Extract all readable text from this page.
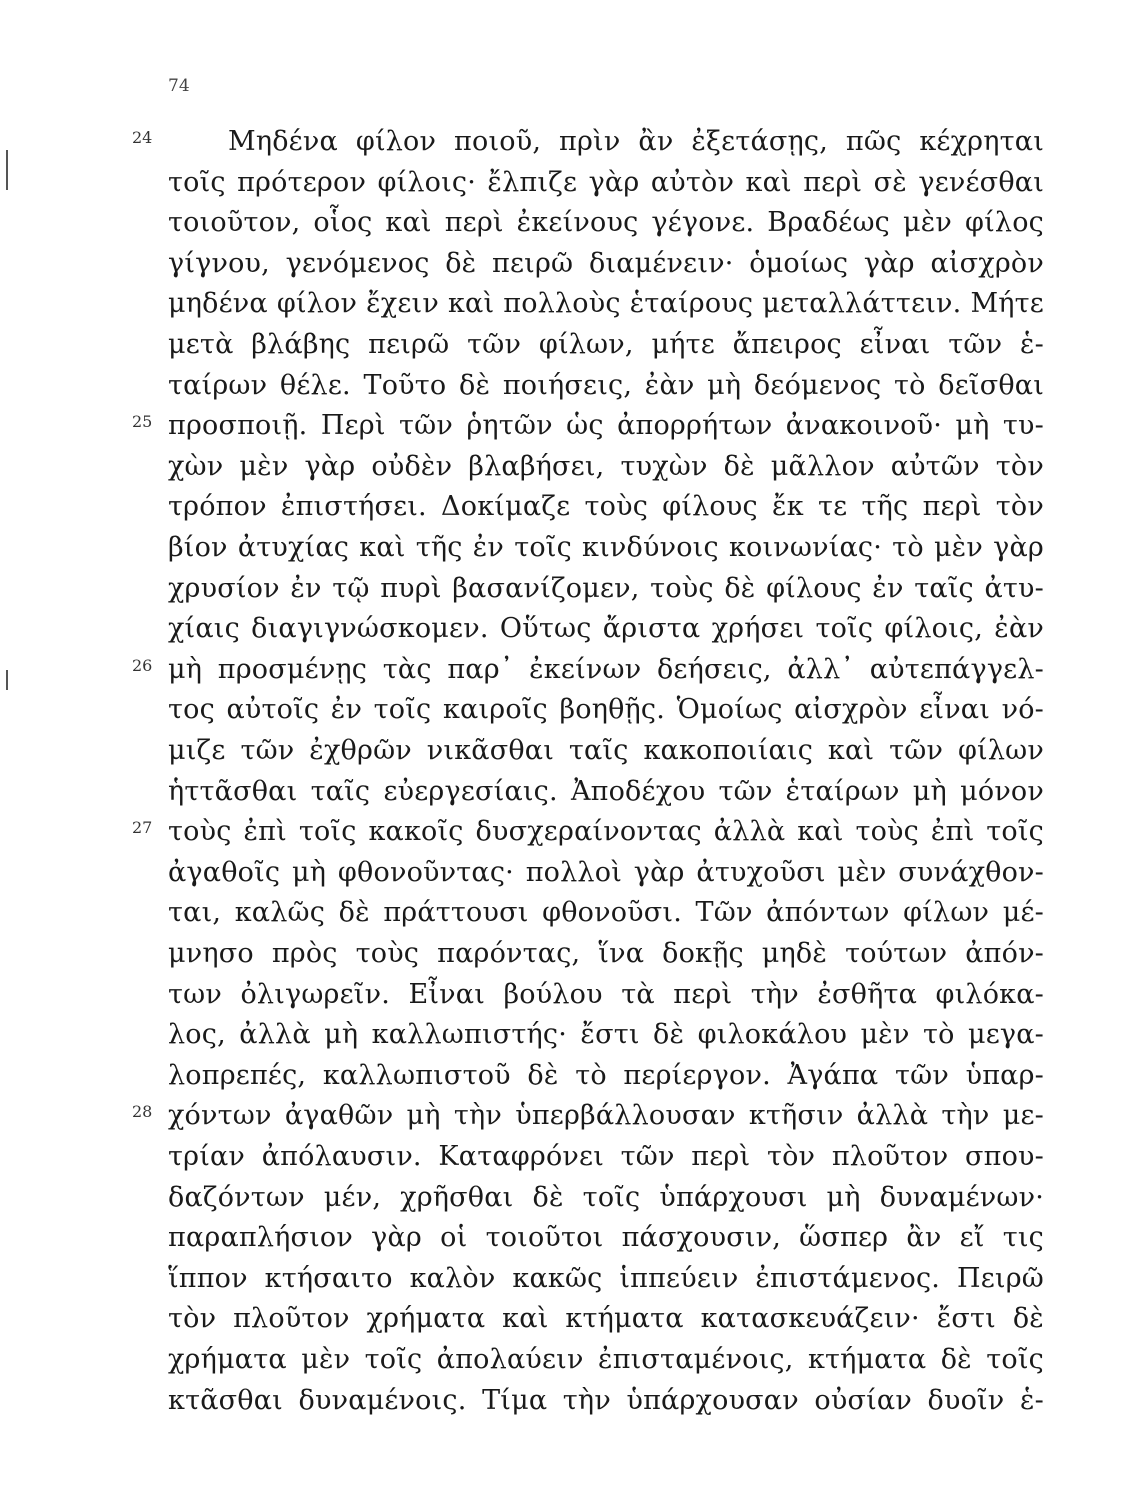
74
Μηδένα φίλον ποιοῦ, πρὶν ἂν ἐξετάσῃς, πῶς κέχρηται
τοῖς πρότερον φίλοις· ἔλπιζε γὰρ αὐτὸν καὶ περὶ σὲ γενέσθαι
τοιοῦτον, οἷος καὶ περὶ ἐκείνους γέγονε. Βραδέως μὲν φίλος
γίγνου, γενόμενος δὲ πειρῶ διαμένειν· ὁμοίως γὰρ αἰσχρὸν
μηδένα φίλον ἔχειν καὶ πολλοὺς ἑταίρους μεταλλάττειν. Μήτε
μετὰ βλάβης πειρῶ τῶν φίλων, μήτε ἄπειρος εἶναι τῶν ἑ-
ταίρων θέλε. Τοῦτο δὲ ποιήσεις, ἐὰν μὴ δεόμενος τὸ δεῖσθαι
προσποιῇ. Περὶ τῶν ῥητῶν ὡς ἀπορρήτων ἀνακοινοῦ· μὴ τυ-
χὼν μὲν γὰρ οὐδὲν βλαβήσει, τυχὼν δὲ μᾶλλον αὐτῶν τὸν
τρόπον ἐπιστήσει. Δοκίμαζε τοὺς φίλους ἔκ τε τῆς περὶ τὸν
βίον ἀτυχίας καὶ τῆς ἐν τοῖς κινδύνοις κοινωνίας· τὸ μὲν γὰρ
χρυσίον ἐν τῷ πυρὶ βασανίζομεν, τοὺς δὲ φίλους ἐν ταῖς ἀτυ-
χίαις διαγιγνώσκομεν. Οὕτως ἄριστα χρήσει τοῖς φίλοις, ἐὰν
μὴ προσμένῃς τὰς παρ᾽ ἐκείνων δεήσεις, ἀλλ᾽ αὐτεπάγγελ-
τος αὐτοῖς ἐν τοῖς καιροῖς βοηθῇς. Ὁμοίως αἰσχρὸν εἶναι νό-
μιζε τῶν ἐχθρῶν νικᾶσθαι ταῖς κακοποιίαις καὶ τῶν φίλων
ἡττᾶσθαι ταῖς εὐεργεσίαις. Ἀποδέχου τῶν ἑταίρων μὴ μόνον
τοὺς ἐπὶ τοῖς κακοῖς δυσχεραίνοντας ἀλλὰ καὶ τοὺς ἐπὶ τοῖς
ἀγαθοῖς μὴ φθονοῦντας· πολλοὶ γὰρ ἀτυχοῦσι μὲν συνάχθον-
ται, καλῶς δὲ πράττουσι φθονοῦσι. Τῶν ἀπόντων φίλων μέ-
μνησο πρὸς τοὺς παρόντας, ἵνα δοκῇς μηδὲ τούτων ἀπόν-
των ὀλιγωρεῖν. Εἶναι βούλου τὰ περὶ τὴν ἐσθῆτα φιλόκα-
λος, ἀλλὰ μὴ καλλωπιστής· ἔστι δὲ φιλοκάλου μὲν τὸ μεγα-
λοπρεπές, καλλωπιστοῦ δὲ τὸ περίεργον. Ἀγάπα τῶν ὑπαρ-
χόντων ἀγαθῶν μὴ τὴν ὑπερβάλλουσαν κτῆσιν ἀλλὰ τὴν με-
τρίαν ἀπόλαυσιν. Καταφρόνει τῶν περὶ τὸν πλοῦτον σπου-
δαζόντων μέν, χρῆσθαι δὲ τοῖς ὑπάρχουσι μὴ δυναμένων·
παραπλήσιον γὰρ οἱ τοιοῦτοι πάσχουσιν, ὥσπερ ἂν εἴ τις
ἵππον κτήσαιτο καλὸν κακῶς ἱππεύειν ἐπιστάμενος. Πειρῶ
τὸν πλοῦτον χρήματα καὶ κτήματα κατασκευάζειν· ἔστι δὲ
χρήματα μὲν τοῖς ἀπολαύειν ἐπισταμένοις, κτήματα δὲ τοῖς
κτᾶσθαι δυναμένοις. Τίμα τὴν ὑπάρχουσαν οὐσίαν δυοῖν ἑ-
24
25
26
27
28
